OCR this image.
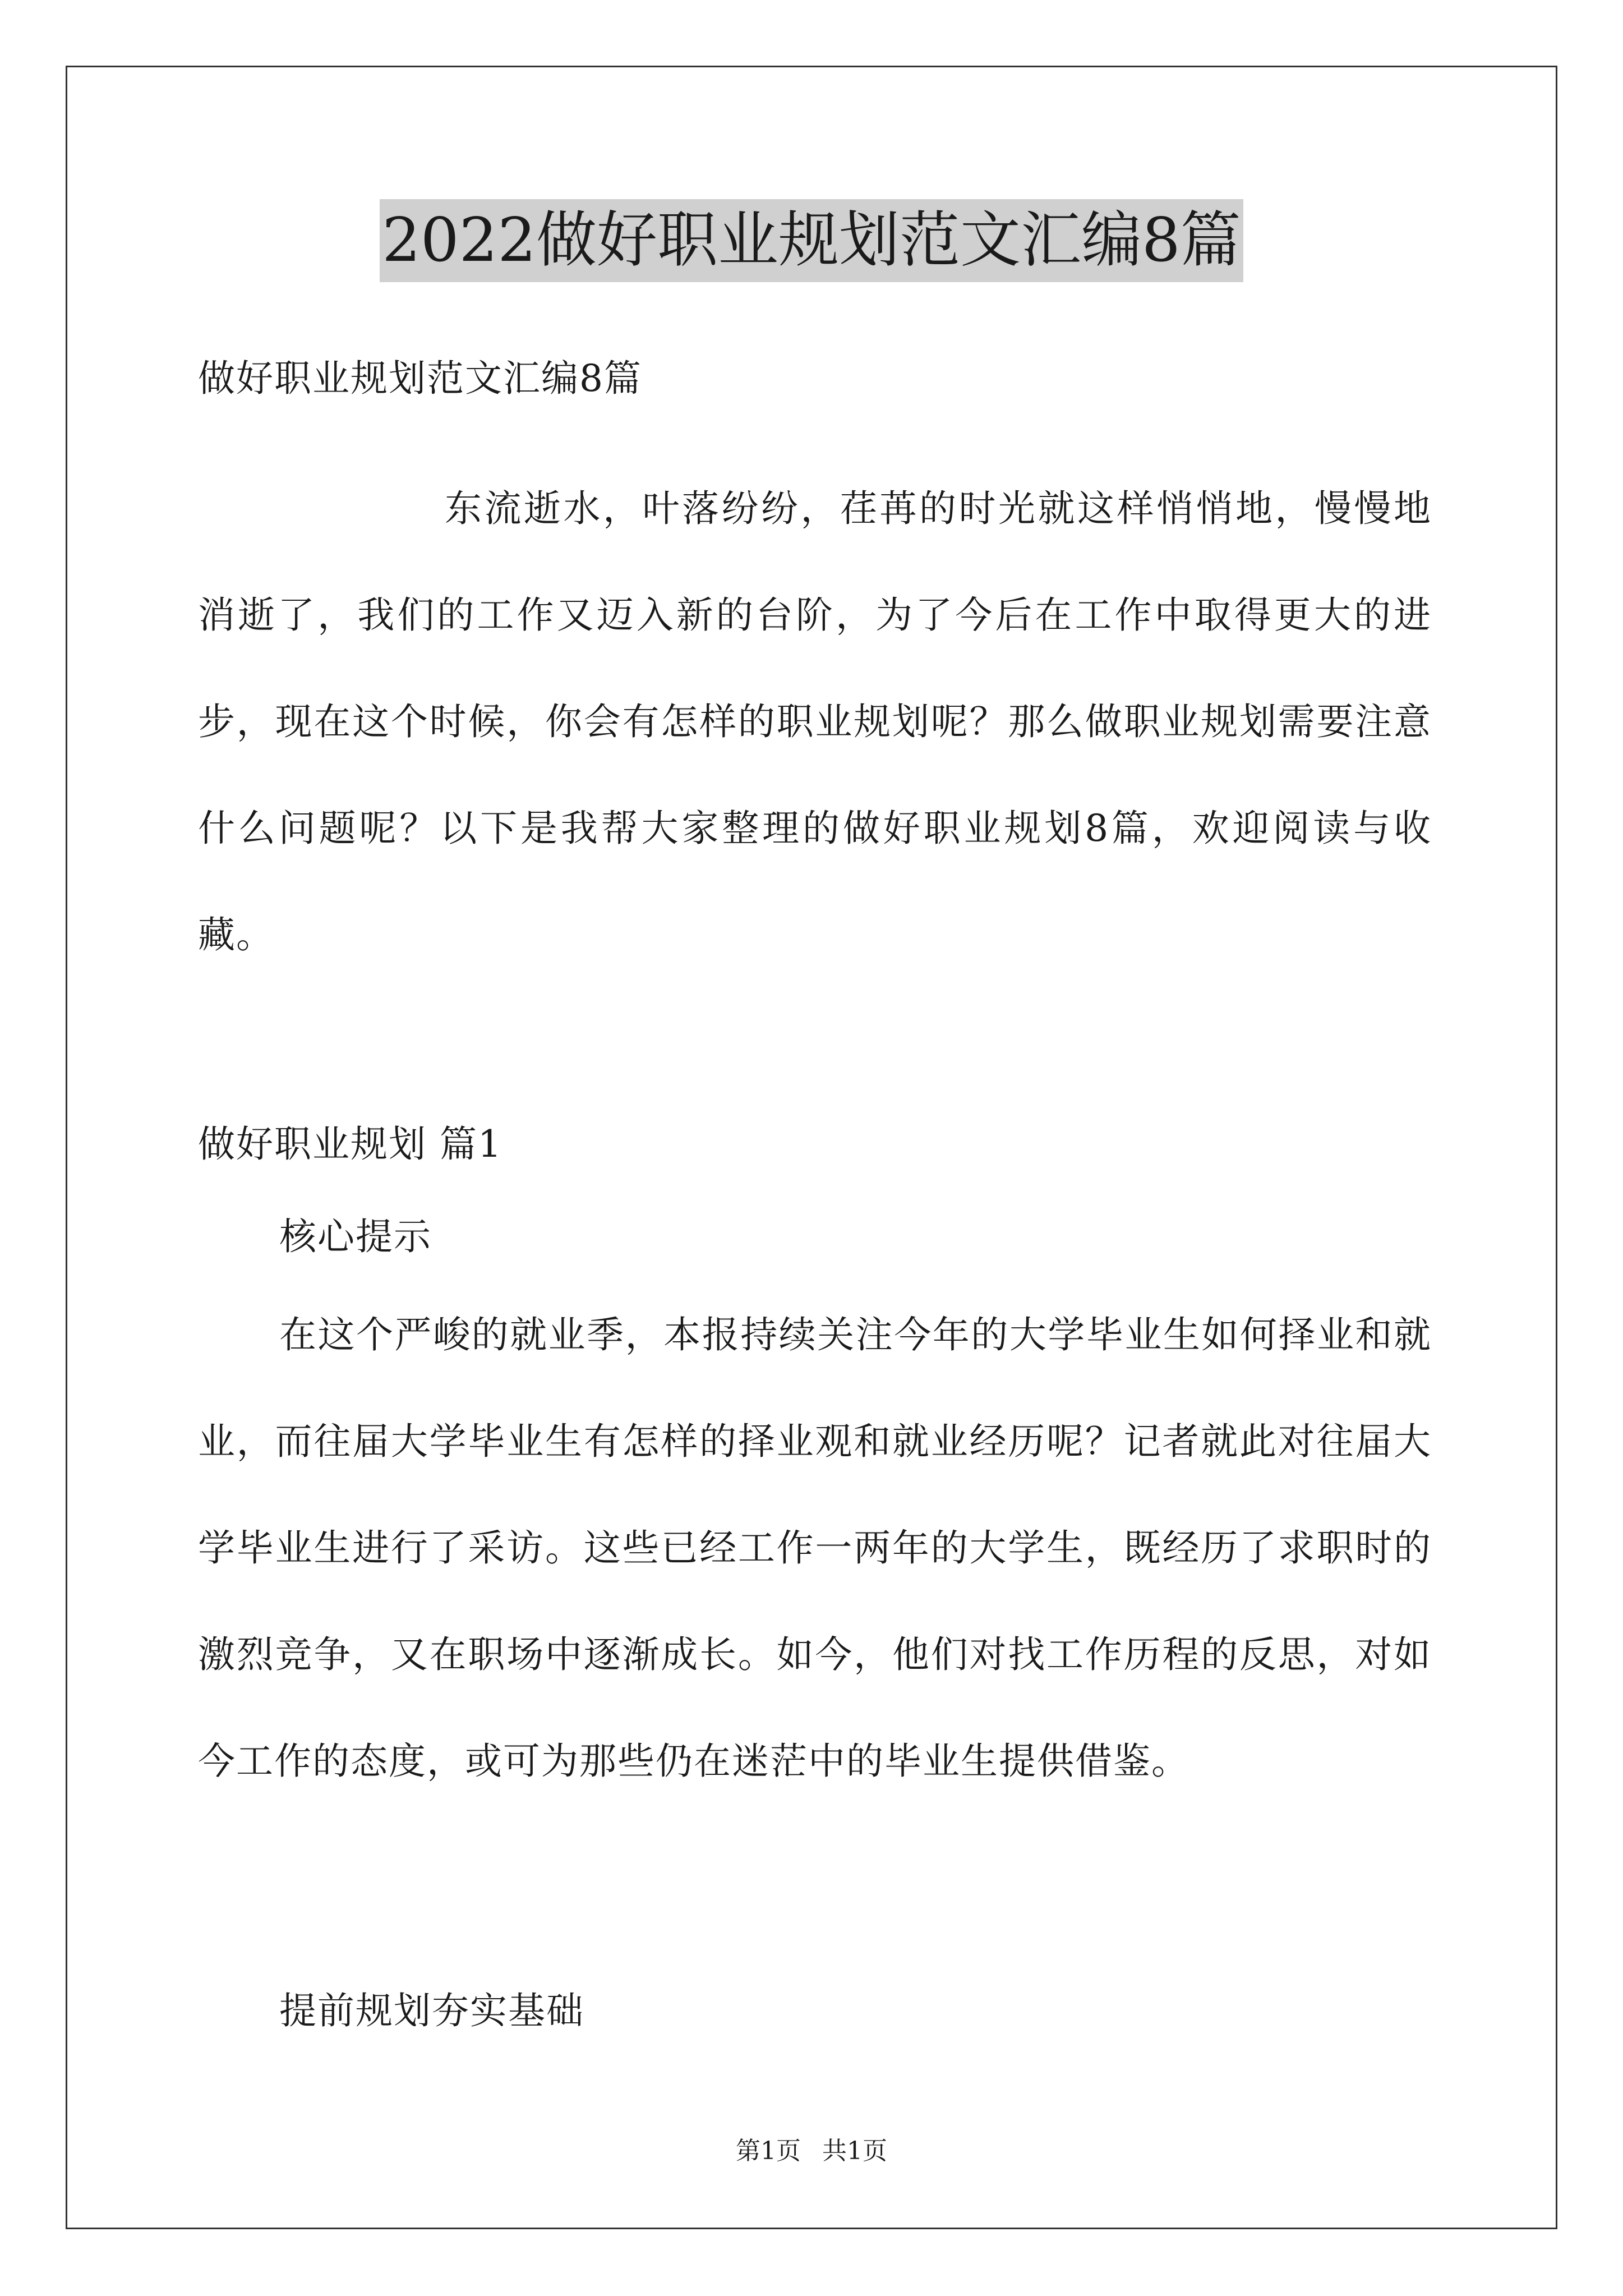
2022做好职业规划范文汇编8篇

做好职业规划范文汇编8篇

东流逝水，叶落纷纷，荏苒的时光就这样悄悄地，慢慢地消逝了，我们的工作又迈入新的台阶，为了今后在工作中取得更大的进步，现在这个时候，你会有怎样的职业规划呢？那么做职业规划需要注意什么问题呢？以下是我帮大家整理的做好职业规划8篇，欢迎阅读与收藏。

做好职业规划 篇1

核心提示

在这个严峻的就业季，本报持续关注今年的大学毕业生如何择业和就业，而往届大学毕业生有怎样的择业观和就业经历呢？记者就此对往届大学毕业生进行了采访。这些已经工作一两年的大学生，既经历了求职时的激烈竞争，又在职场中逐渐成长。如今，他们对找工作历程的反思，对如今工作的态度，或可为那些仍在迷茫中的毕业生提供借鉴。

提前规划夯实基础

第1页 共1页
